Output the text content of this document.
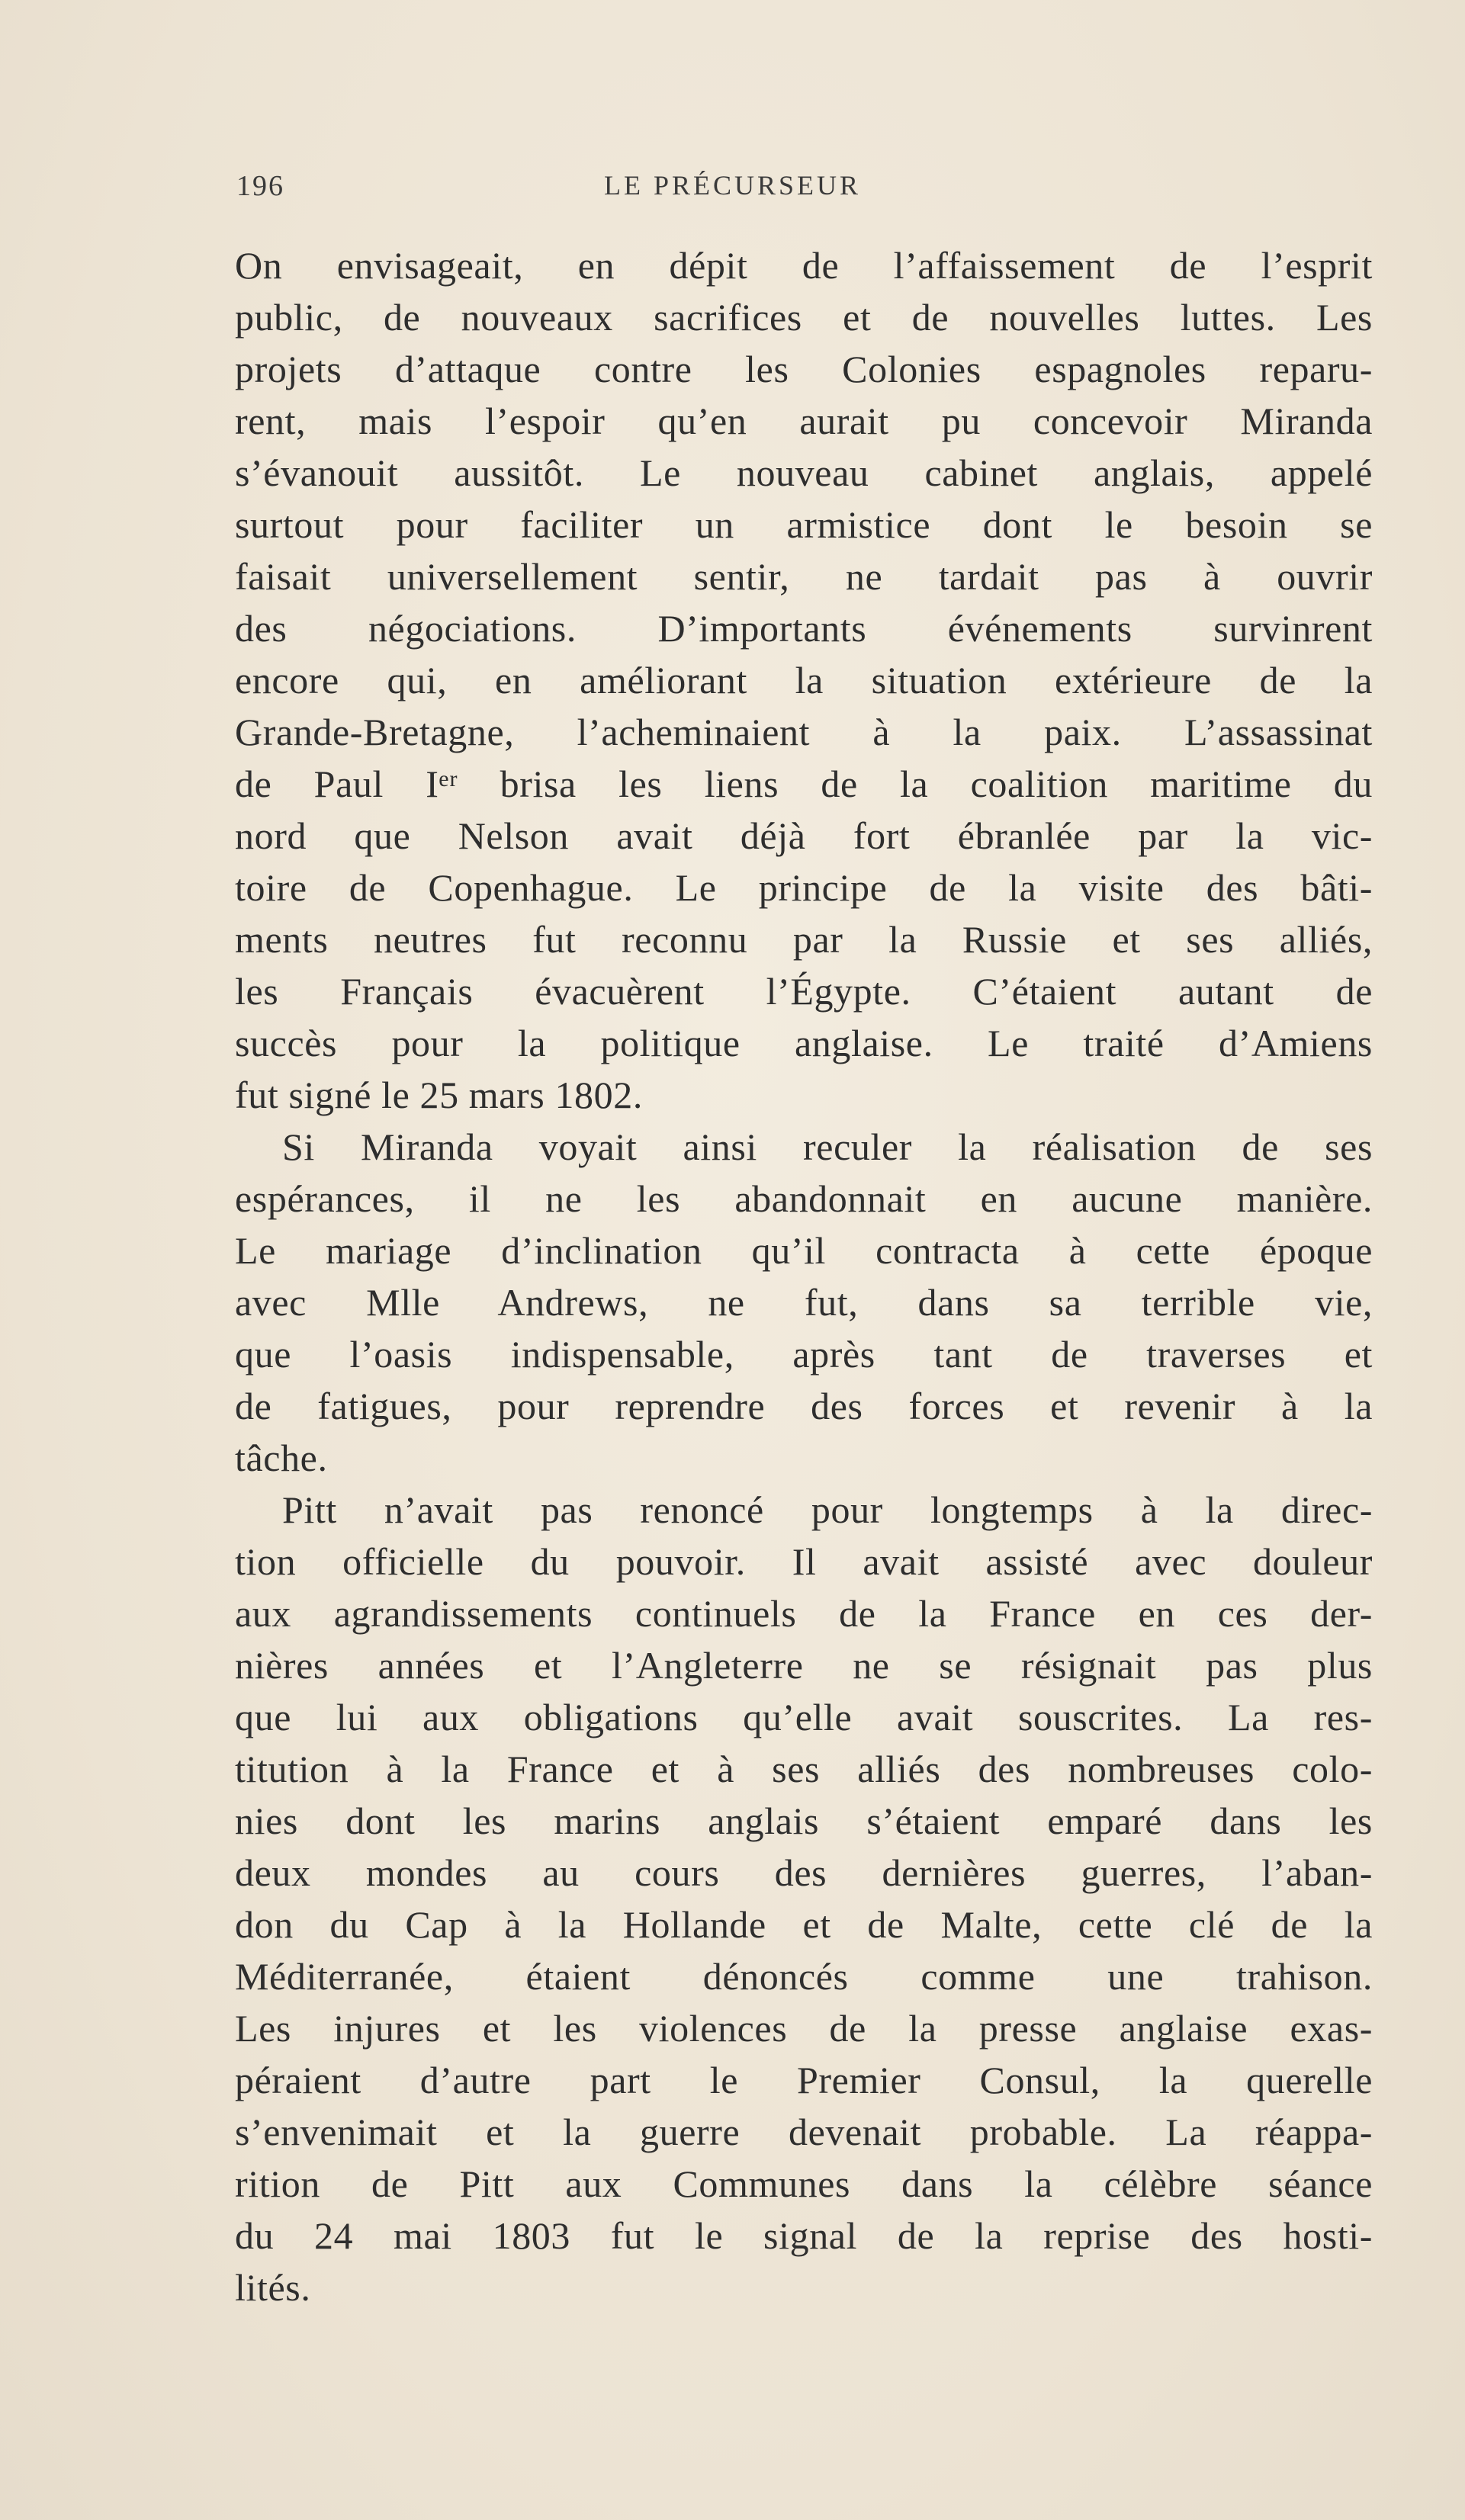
196	LE PRÉCURSEUR
On envisageait, en dépit de l’affaissement de l’esprit
public, de nouveaux sacrifices et de nouvelles luttes. Les
projets d’attaque contre les Colonies espagnoles reparu-
rent, mais l’espoir qu’en aurait pu concevoir Miranda
s’évanouit aussitôt. Le nouveau cabinet anglais, appelé
surtout pour faciliter un armistice dont le besoin se
faisait universellement sentir, ne tardait pas à ouvrir
des négociations. D’importants événements survinrent
encore qui, en améliorant la situation extérieure de la
Grande-Bretagne, l’acheminaient à la paix. L’assassinat
de Paul Iᵉʳ brisa les liens de la coalition maritime du
nord que Nelson avait déjà fort ébranlée par la vic-
toire de Copenhague. Le principe de la visite des bâti-
ments neutres fut reconnu par la Russie et ses alliés,
les Français évacuèrent l’Égypte. C’étaient autant de
succès pour la politique anglaise. Le traité d’Amiens
fut signé le 25 mars 1802.
Si Miranda voyait ainsi reculer la réalisation de ses
espérances, il ne les abandonnait en aucune manière.
Le mariage d’inclination qu’il contracta à cette époque
avec Mlle Andrews, ne fut, dans sa terrible vie,
que l’oasis indispensable, après tant de traverses et
de fatigues, pour reprendre des forces et revenir à la
tâche.
Pitt n’avait pas renoncé pour longtemps à la direc-
tion officielle du pouvoir. Il avait assisté avec douleur
aux agrandissements continuels de la France en ces der-
nières années et l’Angleterre ne se résignait pas plus
que lui aux obligations qu’elle avait souscrites. La res-
titution à la France et à ses alliés des nombreuses colo-
nies dont les marins anglais s’étaient emparé dans les
deux mondes au cours des dernières guerres, l’aban-
don du Cap à la Hollande et de Malte, cette clé de la
Méditerranée, étaient dénoncés comme une trahison.
Les injures et les violences de la presse anglaise exas-
péraient d’autre part le Premier Consul, la querelle
s’envenimait et la guerre devenait probable. La réappa-
rition de Pitt aux Communes dans la célèbre séance
du 24 mai 1803 fut le signal de la reprise des hosti-
lités.
